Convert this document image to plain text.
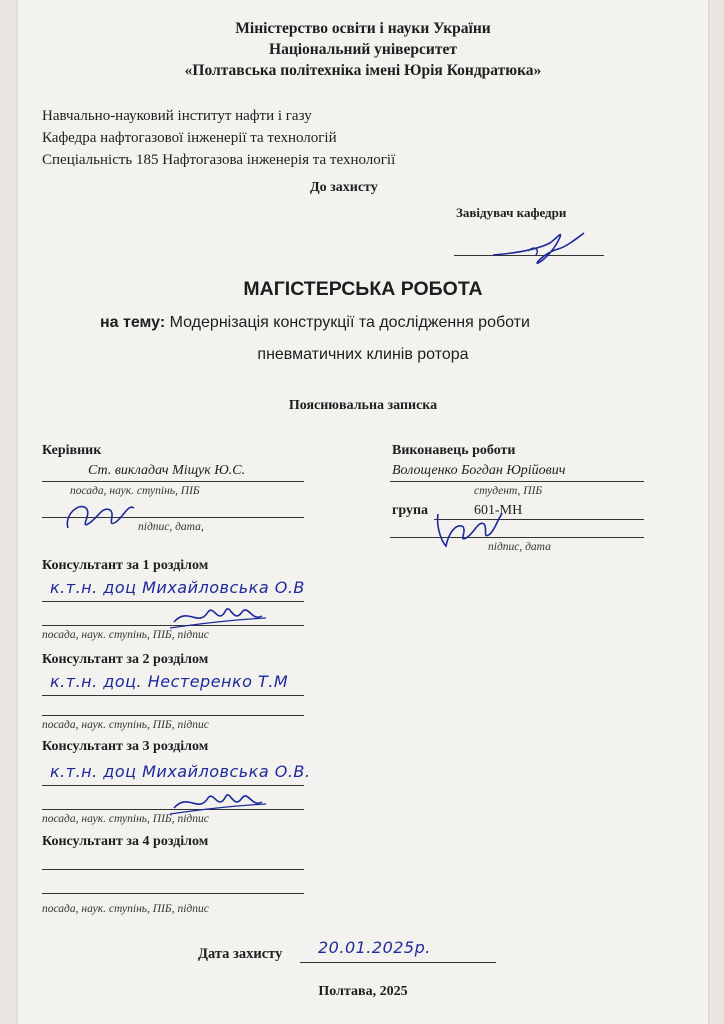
Міністерство освіти і науки України
Національний університет
«Полтавська політехніка імені Юрія Кондратюка»
Навчально-науковий інститут нафти і газу
Кафедра нафтогазової інженерії та технологій
Спеціальність 185 Нафтогазова інженерія та технології
До захисту
Завідувач кафедри
МАГІСТЕРСЬКА РОБОТА
на тему: Модернізація конструкції та дослідження роботи
пневматичних клинів ротора
Пояснювальна записка
Керівник
Ст. викладач Міщук Ю.С.
посада, наук. ступінь, ПІБ
підпис, дата,
Виконавець роботи
Волощенко Богдан Юрійович
студент, ПІБ
група	601-МН
підпис, дата
Консультант за 1 розділом
к.т.н. доц Михайловська О.В
посада, наук. ступінь, ПІБ, підпис
Консультант за 2 розділом
к.т.н. доц. Нестеренко Т.М
посада, наук. ступінь, ПІБ, підпис
Консультант за 3 розділом
к.т.н. доц Михайловська О.В.
посада, наук. ступінь, ПІБ, підпис
Консультант за 4 розділом
посада, наук. ступінь, ПІБ, підпис
Дата захисту 20.01.2025р.
Полтава, 2025
